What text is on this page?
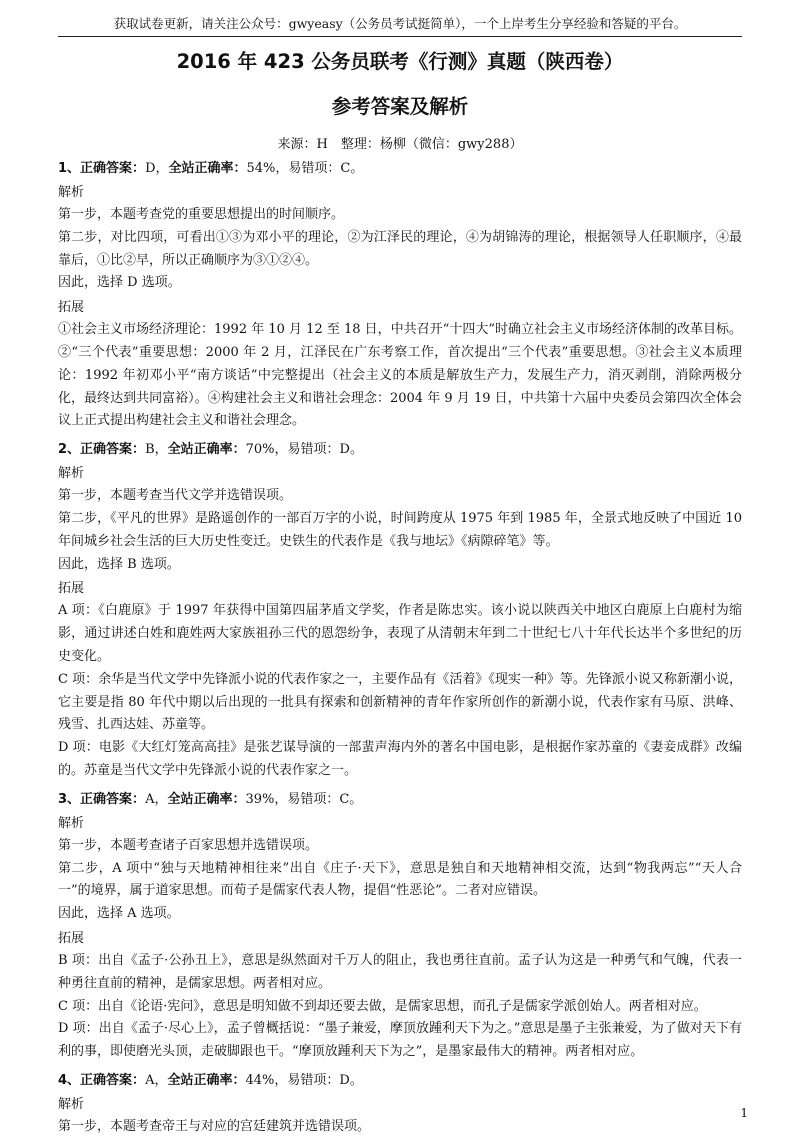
获取试卷更新，请关注公众号：gwyeasy（公务员考试挺简单），一个上岸考生分享经验和答疑的平台。
2016 年 423 公务员联考《行测》真题（陕西卷）
参考答案及解析
来源：H　整理：杨柳（微信：gwy288）
1、正确答案：D，全站正确率：54%，易错项：C。
解析
第一步，本题考查党的重要思想提出的时间顺序。
第二步，对比四项，可看出①③为邓小平的理论，②为江泽民的理论，④为胡锦涛的理论，根据领导人任职顺序，④最靠后，①比②早，所以正确顺序为③①②④。
因此，选择 D 选项。
拓展
①社会主义市场经济理论：1992 年 10 月 12 至 18 日，中共召开“十四大”时确立社会主义市场经济体制的改革目标。②“三个代表”重要思想：2000 年 2 月，江泽民在广东考察工作，首次提出“三个代表”重要思想。③社会主义本质理论：1992 年初邓小平“南方谈话”中完整提出（社会主义的本质是解放生产力，发展生产力，消灭剥削，消除两极分化，最终达到共同富裕）。④构建社会主义和谐社会理念：2004 年 9 月 19 日，中共第十六届中央委员会第四次全体会议上正式提出构建社会主义和谐社会理念。
2、正确答案：B，全站正确率：70%，易错项：D。
解析
第一步，本题考查当代文学并选错误项。
第二步，《平凡的世界》是路遥创作的一部百万字的小说，时间跨度从 1975 年到 1985 年，全景式地反映了中国近 10 年间城乡社会生活的巨大历史性变迁。史铁生的代表作是《我与地坛》《病隙碎笔》等。
因此，选择 B 选项。
拓展
A 项：《白鹿原》于 1997 年获得中国第四届茅盾文学奖，作者是陈忠实。该小说以陕西关中地区白鹿原上白鹿村为缩影，通过讲述白姓和鹿姓两大家族祖孙三代的恩怨纷争，表现了从清朝末年到二十世纪七八十年代长达半个多世纪的历史变化。
C 项：余华是当代文学中先锋派小说的代表作家之一，主要作品有《活着》《现实一种》等。先锋派小说又称新潮小说，它主要是指 80 年代中期以后出现的一批具有探索和创新精神的青年作家所创作的新潮小说，代表作家有马原、洪峰、残雪、扎西达娃、苏童等。
D 项：电影《大红灯笼高高挂》是张艺谋导演的一部蜚声海内外的著名中国电影，是根据作家苏童的《妻妾成群》改编的。苏童是当代文学中先锋派小说的代表作家之一。
3、正确答案：A，全站正确率：39%，易错项：C。
解析
第一步，本题考查诸子百家思想并选错误项。
第二步，A 项中“独与天地精神相往来”出自《庄子·天下》，意思是独自和天地精神相交流，达到“物我两忘”“天人合一”的境界，属于道家思想。而荀子是儒家代表人物，提倡“性恶论”。二者对应错误。
因此，选择 A 选项。
拓展
B 项：出自《孟子·公孙丑上》，意思是纵然面对千万人的阻止，我也勇往直前。孟子认为这是一种勇气和气魄，代表一种勇往直前的精神，是儒家思想。两者相对应。
C 项：出自《论语·宪问》，意思是明知做不到却还要去做，是儒家思想，而孔子是儒家学派创始人。两者相对应。
D 项：出自《孟子·尽心上》，孟子曾概括说：“墨子兼爱，摩顶放踵利天下为之。”意思是墨子主张兼爱，为了做对天下有利的事，即使磨光头顶，走破脚跟也干。“摩顶放踵利天下为之”，是墨家最伟大的精神。两者相对应。
4、正确答案：A，全站正确率：44%，易错项：D。
解析
第一步，本题考查帝王与对应的宫廷建筑并选错误项。
1
